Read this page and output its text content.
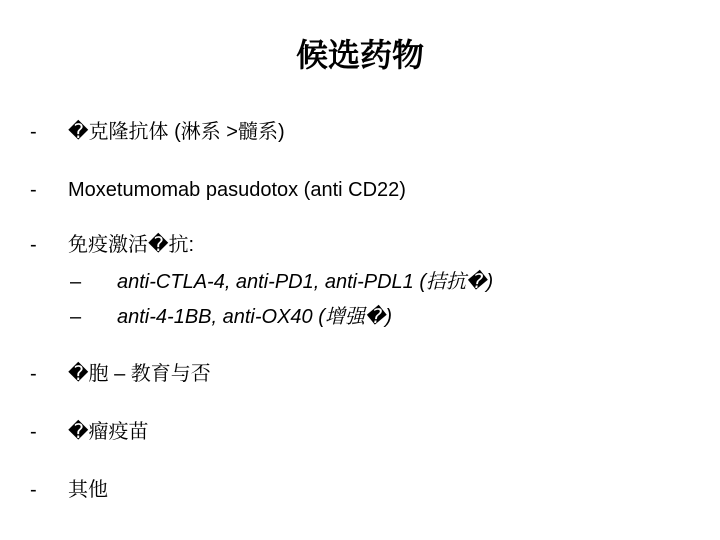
候选药物
- �克隆抗体 (淋系 >髓系)
- Moxetumomab pasudotox (anti CD22)
- 免疫激活�抗:
– anti-CTLA-4, anti-PD1, anti-PDL1 (拮抗�)
– anti-4-1BB, anti-OX40 (增强�)
- �胞 – 教育与否
- �瘤疫苗
- 其他
